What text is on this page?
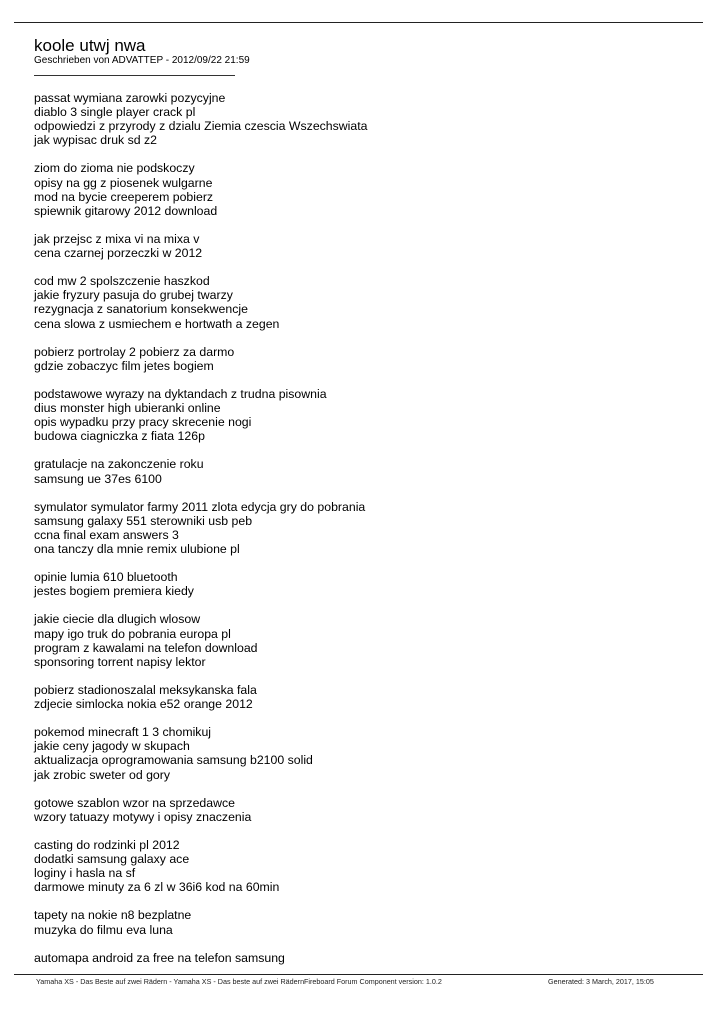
koole utwj nwa
Geschrieben von ADVATTEP - 2012/09/22 21:59
passat wymiana zarowki pozycyjne
diablo 3 single player crack pl
odpowiedzi z przyrody z dzialu Ziemia czescia Wszechswiata
jak wypisac druk sd z2
ziom do zioma nie podskoczy
opisy na gg z piosenek wulgarne
mod na bycie creeperem pobierz
spiewnik gitarowy 2012 download
jak przejsc z mixa vi na mixa v
cena czarnej porzeczki w 2012
cod mw 2 spolszczenie haszkod
jakie fryzury pasuja do grubej twarzy
rezygnacja z sanatorium konsekwencje
cena slowa z usmiechem e hortwath a zegen
pobierz portrolay 2 pobierz za darmo
gdzie zobaczyc film jetes bogiem
podstawowe wyrazy na dyktandach z trudna pisownia
dius monster high ubieranki online
opis wypadku przy pracy skrecenie nogi
budowa ciagniczka z fiata 126p
gratulacje na zakonczenie roku
samsung ue 37es 6100
symulator symulator farmy 2011 zlota edycja gry do pobrania
samsung galaxy 551 sterowniki usb peb
ccna final exam answers 3
ona tanczy dla mnie remix ulubione pl
opinie lumia 610 bluetooth
jestes bogiem premiera kiedy
jakie ciecie dla dlugich wlosow
mapy igo truk do pobrania europa pl
program z kawalami na telefon download
sponsoring torrent napisy lektor
pobierz stadionoszalal meksykanska fala
zdjecie simlocka nokia e52 orange 2012
pokemod minecraft 1 3 chomikuj
jakie ceny jagody w skupach
aktualizacja oprogramowania samsung b2100 solid
jak zrobic sweter od gory
gotowe szablon wzor na sprzedawce
wzory tatuazy motywy i opisy znaczenia
casting do rodzinki pl 2012
dodatki samsung galaxy ace
loginy i hasla na sf
darmowe minuty za 6 zl w 36i6 kod na 60min
tapety na nokie n8 bezplatne
muzyka do filmu eva luna
automapa android za free na telefon samsung
Yamaha XS - Das Beste auf zwei Rädern - Yamaha XS - Das beste auf zwei Rädern Fireboard Forum Component version: 1.0.2	Generated: 3 March, 2017, 15:05
